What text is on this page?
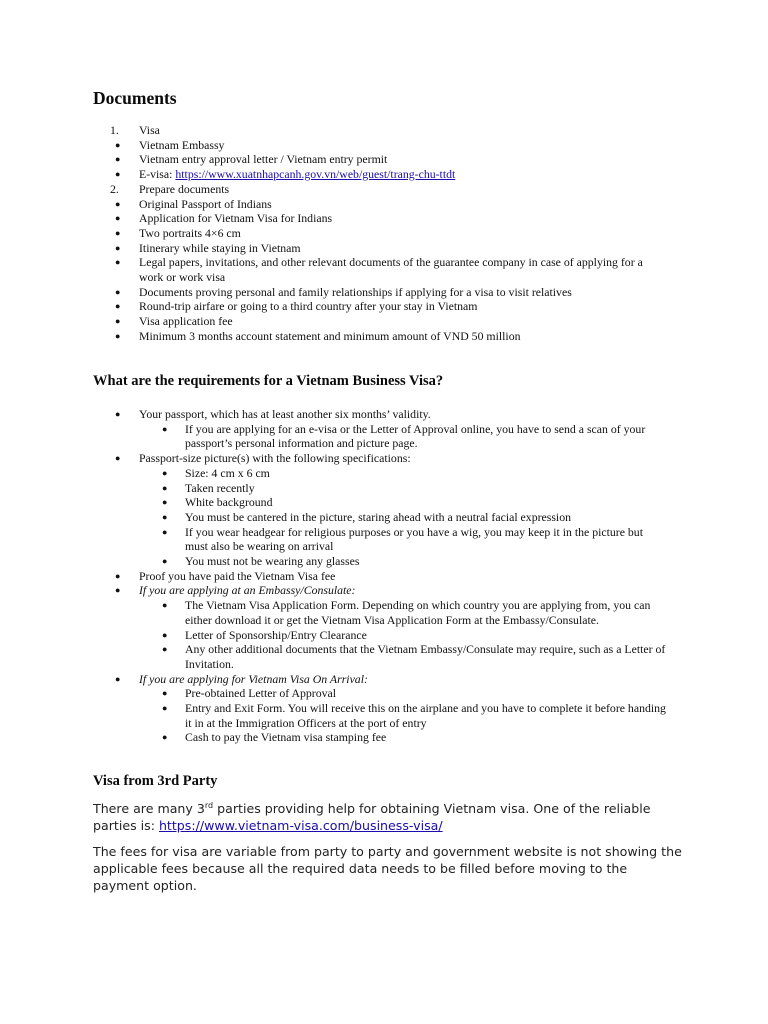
Documents
1. Visa
●	Vietnam Embassy
●	Vietnam entry approval letter / Vietnam entry permit
●	E-visa: https://www.xuatnhapcanh.gov.vn/web/guest/trang-chu-ttdt
2. Prepare documents
●	Original Passport of Indians
●	Application for Vietnam Visa for Indians
●	Two portraits 4×6 cm
●	Itinerary while staying in Vietnam
●	Legal papers, invitations, and other relevant documents of the guarantee company in case of applying for a work or work visa
●	Documents proving personal and family relationships if applying for a visa to visit relatives
●	Round-trip airfare or going to a third country after your stay in Vietnam
●	Visa application fee
●	Minimum 3 months account statement and minimum amount of VND 50 million
What are the requirements for a Vietnam Business Visa?
●	Your passport, which has at least another six months’ validity.
●	If you are applying for an e-visa or the Letter of Approval online, you have to send a scan of your passport’s personal information and picture page.
●	Passport-size picture(s) with the following specifications:
●	Size: 4 cm x 6 cm
●	Taken recently
●	White background
●	You must be cantered in the picture, staring ahead with a neutral facial expression
●	If you wear headgear for religious purposes or you have a wig, you may keep it in the picture but must also be wearing on arrival
●	You must not be wearing any glasses
●	Proof you have paid the Vietnam Visa fee
●	If you are applying at an Embassy/Consulate:
●	The Vietnam Visa Application Form. Depending on which country you are applying from, you can either download it or get the Vietnam Visa Application Form at the Embassy/Consulate.
●	Letter of Sponsorship/Entry Clearance
●	Any other additional documents that the Vietnam Embassy/Consulate may require, such as a Letter of Invitation.
●	If you are applying for Vietnam Visa On Arrival:
●	Pre-obtained Letter of Approval
●	Entry and Exit Form. You will receive this on the airplane and you have to complete it before handing it in at the Immigration Officers at the port of entry
●	Cash to pay the Vietnam visa stamping fee
Visa from 3rd Party

There are many 3rd parties providing help for obtaining Vietnam visa. One of the reliable parties is: https://www.vietnam-visa.com/business-visa/

The fees for visa are variable from party to party and government website is not showing the applicable fees because all the required data needs to be filled before moving to the payment option.
